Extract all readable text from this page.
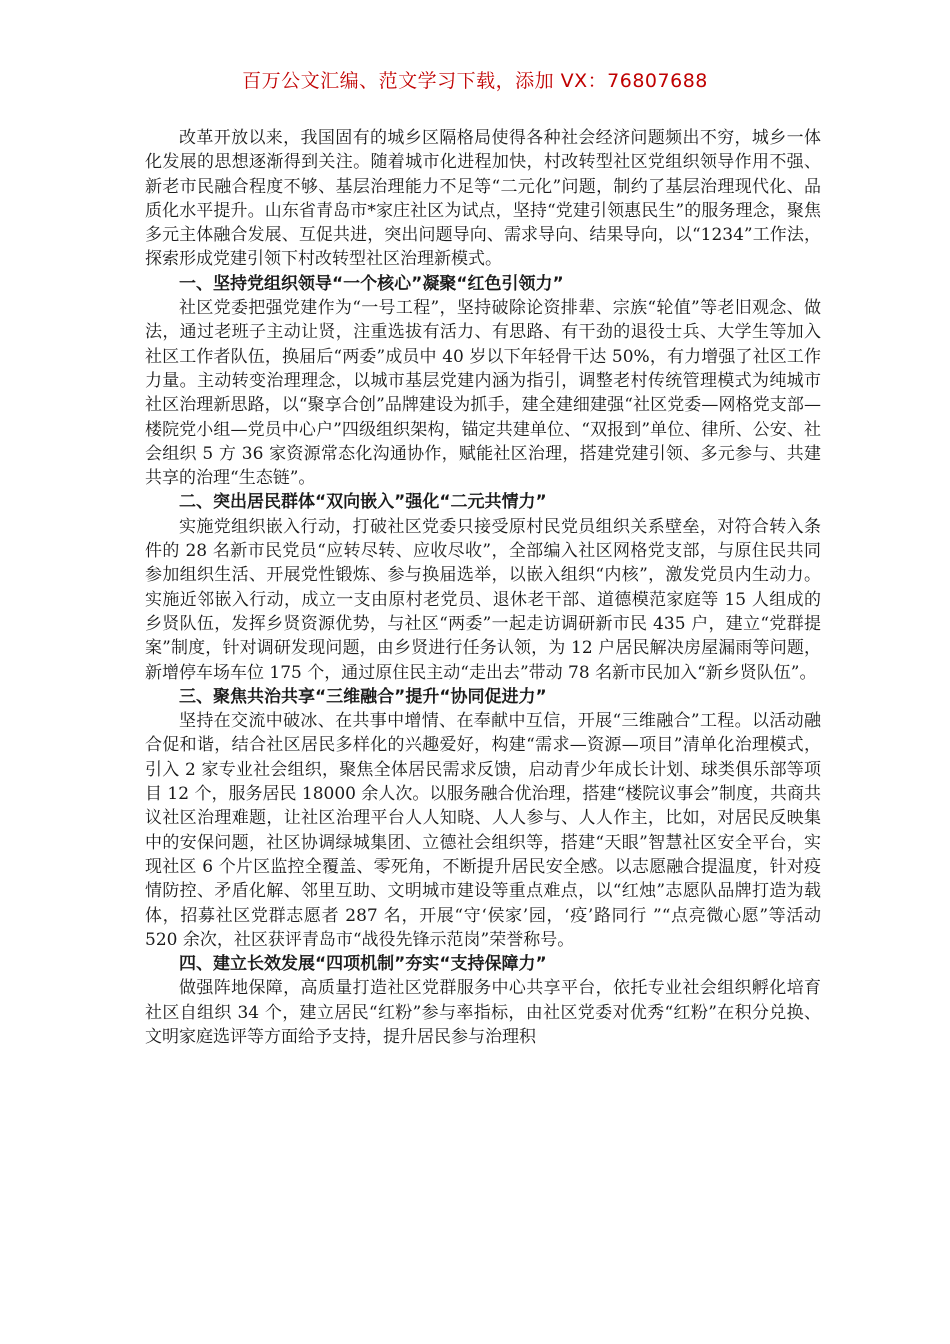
百万公文汇编、范文学习下载，添加 VX：76807688

改革开放以来，我国固有的城乡区隔格局使得各种社会经济问题频出不穷，城乡一体化发展的思想逐渐得到关注。随着城市化进程加快，村改转型社区党组织领导作用不强、新老市民融合程度不够、基层治理能力不足等“二元化”问题，制约了基层治理现代化、品质化水平提升。山东省青岛市*家庄社区为试点，坚持“党建引领惠民生”的服务理念，聚焦多元主体融合发展、互促共进，突出问题导向、需求导向、结果导向，以“1234”工作法，探索形成党建引领下村改转型社区治理新模式。

一、坚持党组织领导“一个核心”凝聚“红色引领力”

社区党委把强党建作为“一号工程”，坚持破除论资排辈、宗族“轮值”等老旧观念、做法，通过老班子主动让贤，注重选拔有活力、有思路、有干劲的退役士兵、大学生等加入社区工作者队伍，换届后“两委”成员中 40 岁以下年轻骨干达 50%，有力增强了社区工作力量。主动转变治理理念，以城市基层党建内涵为指引，调整老村传统管理模式为纯城市社区治理新思路，以“聚享合创”品牌建设为抓手，建全建细建强“社区党委—网格党支部—楼院党小组—党员中心户”四级组织架构，锚定共建单位、“双报到”单位、律所、公安、社会组织 5 方 36 家资源常态化沟通协作，赋能社区治理，搭建党建引领、多元参与、共建共享的治理“生态链”。

二、突出居民群体“双向嵌入”强化“二元共情力”

实施党组织嵌入行动，打破社区党委只接受原村民党员组织关系壁垒，对符合转入条件的 28 名新市民党员“应转尽转、应收尽收”，全部编入社区网格党支部，与原住民共同参加组织生活、开展党性锻炼、参与换届选举，以嵌入组织“内核”，激发党员内生动力。实施近邻嵌入行动，成立一支由原村老党员、退休老干部、道德模范家庭等 15 人组成的乡贤队伍，发挥乡贤资源优势，与社区“两委”一起走访调研新市民 435 户，建立“党群提案”制度，针对调研发现问题，由乡贤进行任务认领，为 12 户居民解决房屋漏雨等问题，新增停车场车位 175 个，通过原住民主动“走出去”带动 78 名新市民加入“新乡贤队伍”。

三、聚焦共治共享“三维融合”提升“协同促进力”

坚持在交流中破冰、在共事中增情、在奉献中互信，开展“三维融合”工程。以活动融合促和谐，结合社区居民多样化的兴趣爱好，构建“需求—资源—项目”清单化治理模式，引入 2 家专业社会组织，聚焦全体居民需求反馈，启动青少年成长计划、球类俱乐部等项目 12 个，服务居民 18000 余人次。以服务融合优治理，搭建“楼院议事会”制度，共商共议社区治理难题，让社区治理平台人人知晓、人人参与、人人作主，比如，对居民反映集中的安保问题，社区协调绿城集团、立德社会组织等，搭建“天眼”智慧社区安全平台，实现社区 6 个片区监控全覆盖、零死角，不断提升居民安全感。以志愿融合提温度，针对疫情防控、矛盾化解、邻里互助、文明城市建设等重点难点，以“红烛”志愿队品牌打造为载体，招募社区党群志愿者 287 名，开展“守‘侯家’园，‘疫’路同行 ”“点亮微心愿”等活动 520 余次，社区获评青岛市“战役先锋示范岗”荣誉称号。

四、建立长效发展“四项机制”夯实“支持保障力”

做强阵地保障，高质量打造社区党群服务中心共享平台，依托专业社会组织孵化培育社区自组织 34 个，建立居民“红粉”参与率指标，由社区党委对优秀“红粉”在积分兑换、文明家庭选评等方面给予支持，提升居民参与治理积
